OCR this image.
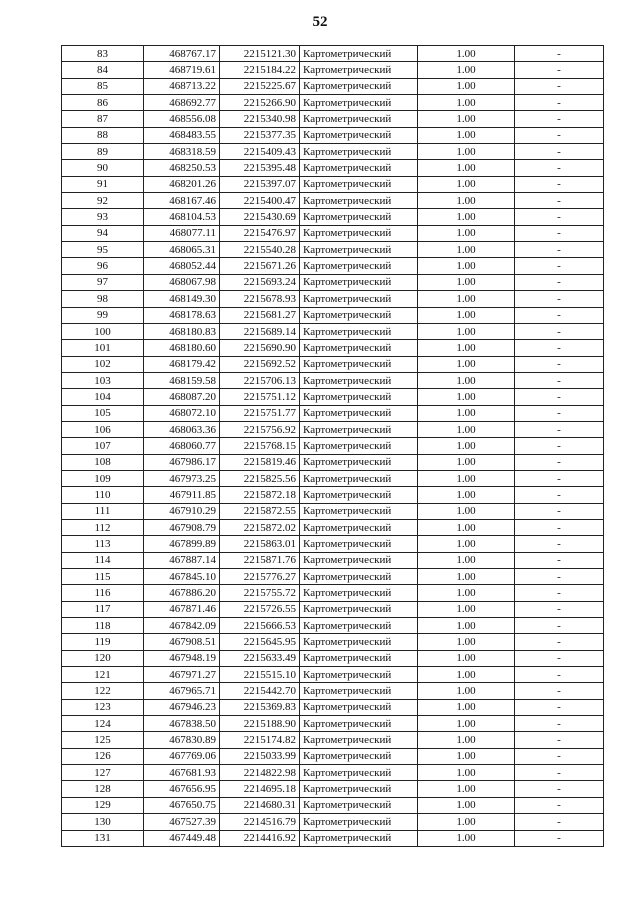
52
83	468767.17	2215121.30	Картометрический	1.00	-
84	468719.61	2215184.22	Картометрический	1.00	-
85	468713.22	2215225.67	Картометрический	1.00	-
86	468692.77	2215266.90	Картометрический	1.00	-
87	468556.08	2215340.98	Картометрический	1.00	-
88	468483.55	2215377.35	Картометрический	1.00	-
89	468318.59	2215409.43	Картометрический	1.00	-
90	468250.53	2215395.48	Картометрический	1.00	-
91	468201.26	2215397.07	Картометрический	1.00	-
92	468167.46	2215400.47	Картометрический	1.00	-
93	468104.53	2215430.69	Картометрический	1.00	-
94	468077.11	2215476.97	Картометрический	1.00	-
95	468065.31	2215540.28	Картометрический	1.00	-
96	468052.44	2215671.26	Картометрический	1.00	-
97	468067.98	2215693.24	Картометрический	1.00	-
98	468149.30	2215678.93	Картометрический	1.00	-
99	468178.63	2215681.27	Картометрический	1.00	-
100	468180.83	2215689.14	Картометрический	1.00	-
101	468180.60	2215690.90	Картометрический	1.00	-
102	468179.42	2215692.52	Картометрический	1.00	-
103	468159.58	2215706.13	Картометрический	1.00	-
104	468087.20	2215751.12	Картометрический	1.00	-
105	468072.10	2215751.77	Картометрический	1.00	-
106	468063.36	2215756.92	Картометрический	1.00	-
107	468060.77	2215768.15	Картометрический	1.00	-
108	467986.17	2215819.46	Картометрический	1.00	-
109	467973.25	2215825.56	Картометрический	1.00	-
110	467911.85	2215872.18	Картометрический	1.00	-
111	467910.29	2215872.55	Картометрический	1.00	-
112	467908.79	2215872.02	Картометрический	1.00	-
113	467899.89	2215863.01	Картометрический	1.00	-
114	467887.14	2215871.76	Картометрический	1.00	-
115	467845.10	2215776.27	Картометрический	1.00	-
116	467886.20	2215755.72	Картометрический	1.00	-
117	467871.46	2215726.55	Картометрический	1.00	-
118	467842.09	2215666.53	Картометрический	1.00	-
119	467908.51	2215645.95	Картометрический	1.00	-
120	467948.19	2215633.49	Картометрический	1.00	-
121	467971.27	2215515.10	Картометрический	1.00	-
122	467965.71	2215442.70	Картометрический	1.00	-
123	467946.23	2215369.83	Картометрический	1.00	-
124	467838.50	2215188.90	Картометрический	1.00	-
125	467830.89	2215174.82	Картометрический	1.00	-
126	467769.06	2215033.99	Картометрический	1.00	-
127	467681.93	2214822.98	Картометрический	1.00	-
128	467656.95	2214695.18	Картометрический	1.00	-
129	467650.75	2214680.31	Картометрический	1.00	-
130	467527.39	2214516.79	Картометрический	1.00	-
131	467449.48	2214416.92	Картометрический	1.00	-
